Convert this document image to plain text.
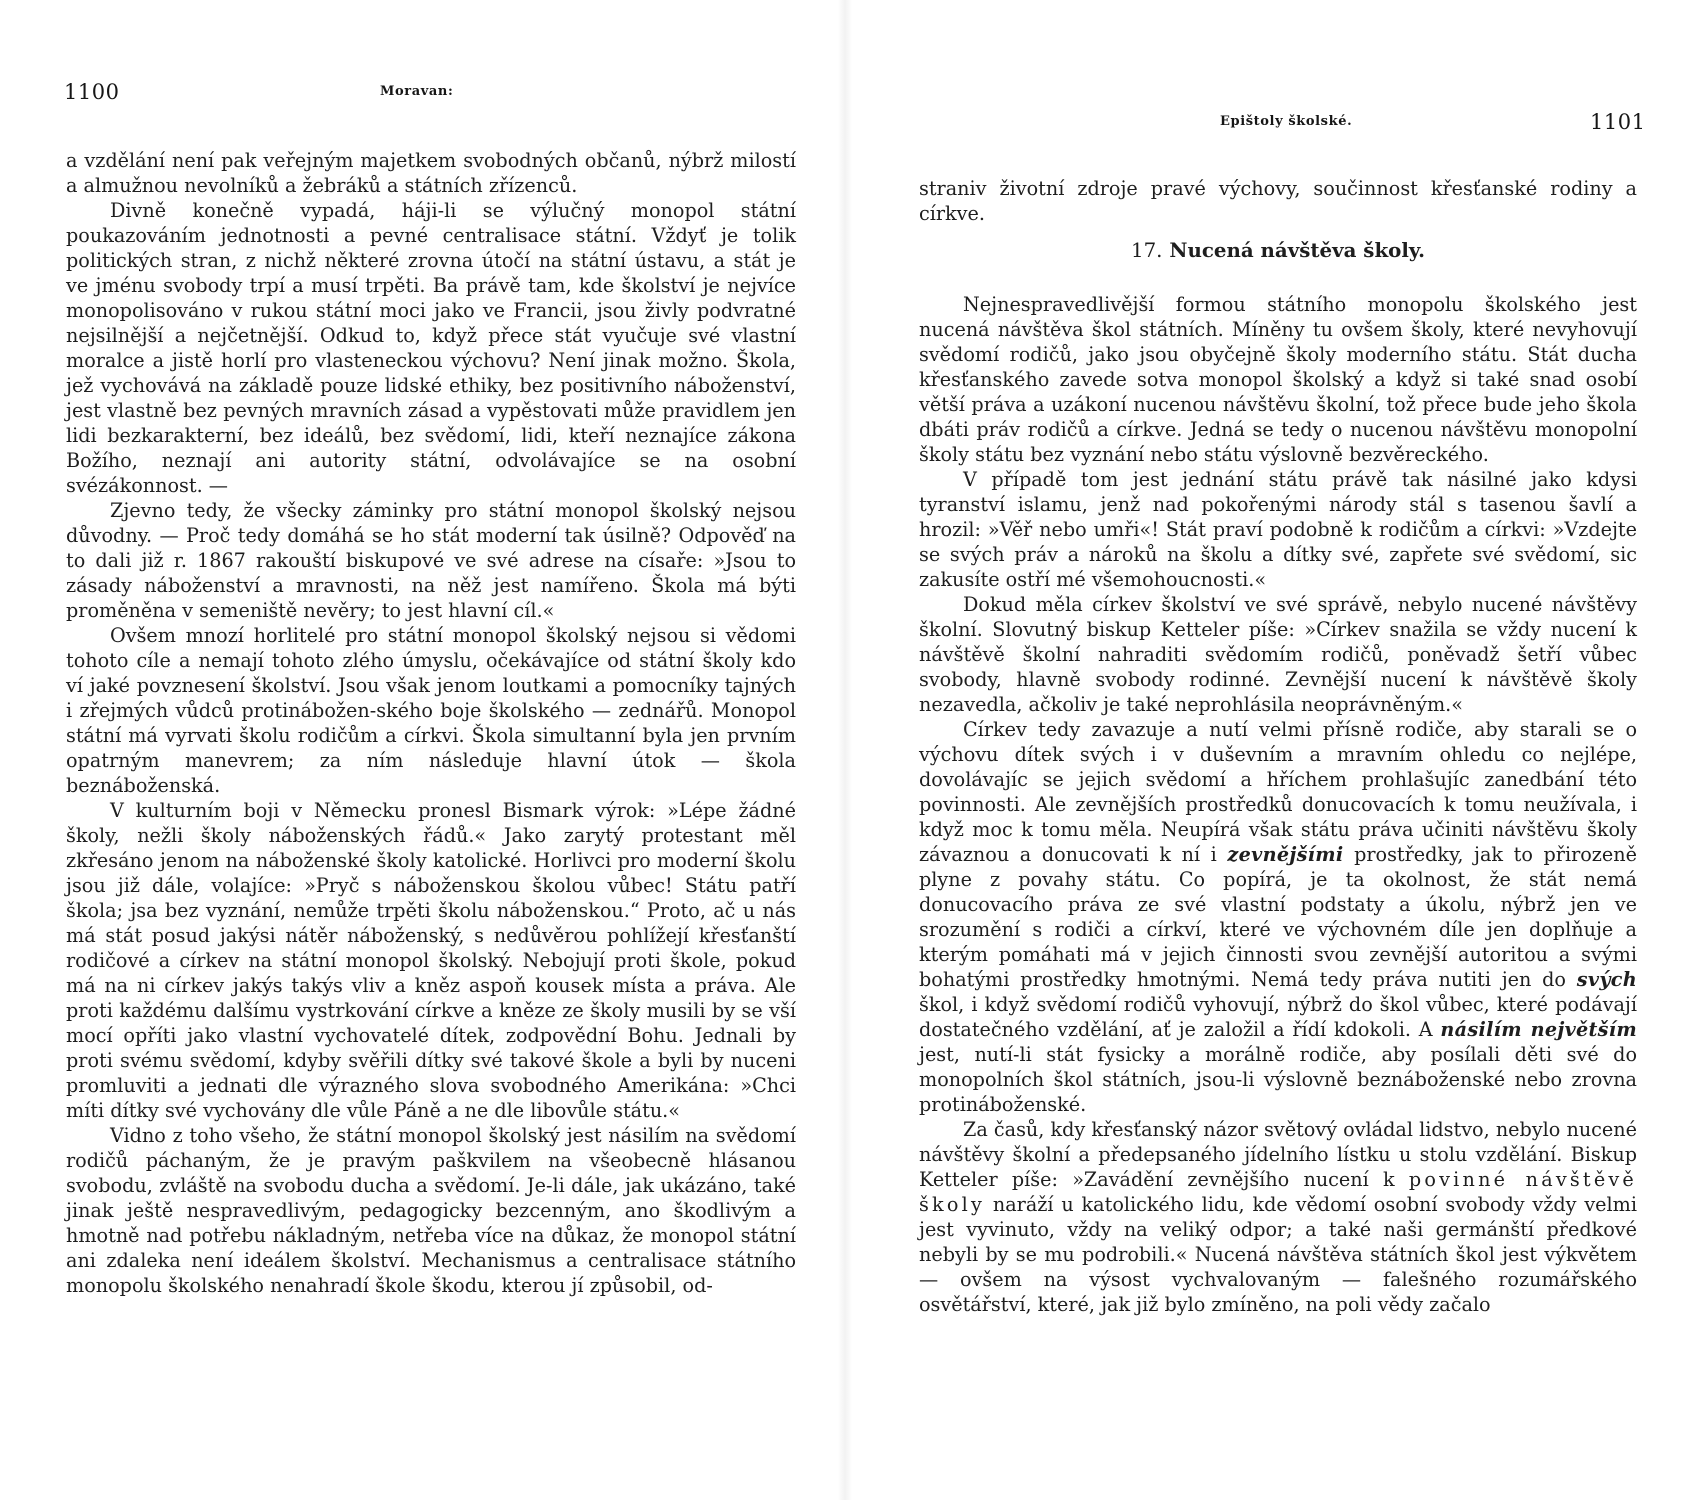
1100	Moravan:

a vzdělání není pak veřejným majetkem svobodných občanů, nýbrž milostí a almužnou nevolníků a žebráků a státních zřízenců.

Divně konečně vypadá, háji-li se výlučný monopol státní poukazováním jednotnosti a pevné centralisace státní. Vždyť je tolik politických stran, z nichž některé zrovna útočí na státní ústavu, a stát je ve jménu svobody trpí a musí trpěti. Ba právě tam, kde školství je nejvíce monopolisováno v rukou státní moci jako ve Francii, jsou živly podvratné nejsilnější a nejčetnější. Odkud to, když přece stát vyučuje své vlastní moralce a jistě horlí pro vlasteneckou výchovu? Není jinak možno. Škola, jež vychovává na základě pouze lidské ethiky, bez positivního náboženství, jest vlastně bez pevných mravních zásad a vypěstovati může pravidlem jen lidi bezkarakterní, bez ideálů, bez svědomí, lidi, kteří neznajíce zákona Božího, neznají ani autority státní, odvolávajíce se na osobní svézákonnost. —

Zjevno tedy, že všecky záminky pro státní monopol školský nejsou důvodny. — Proč tedy domáhá se ho stát moderní tak úsilně? Odpověď na to dali již r. 1867 rakouští biskupové ve své adrese na císaře: »Jsou to zásady náboženství a mravnosti, na něž jest namířeno. Škola má býti proměněna v semeniště nevěry; to jest hlavní cíl.«

Ovšem mnozí horlitelé pro státní monopol školský nejsou si vědomi tohoto cíle a nemají tohoto zlého úmyslu, očekávajíce od státní školy kdo ví jaké povznesení školství. Jsou však jenom loutkami a pomocníky tajných i zřejmých vůdců protinábožen-ského boje školského — zednářů. Monopol státní má vyrvati školu rodičům a církvi. Škola simultanní byla jen prvním opatrným manevrem; za ním následuje hlavní útok — škola beznáboženská.

V kulturním boji v Německu pronesl Bismark výrok: »Lépe žádné školy, nežli školy náboženských řádů.« Jako zarytý protestant měl zkřesáno jenom na náboženské školy katolické. Horlivci pro moderní školu jsou již dále, volajíce: »Pryč s náboženskou školou vůbec! Státu patří škola; jsa bez vyznání, nemůže trpěti školu náboženskou.“ Proto, ač u nás má stát posud jakýsi nátěr náboženský, s nedůvěrou pohlížejí křesťanští rodičové a církev na státní monopol školský. Nebojují proti škole, pokud má na ni církev jakýs takýs vliv a kněz aspoň kousek místa a práva. Ale proti každému dalšímu vystrkování církve a kněze ze školy musili by se vší mocí opříti jako vlastní vychovatelé dítek, zodpovědní Bohu. Jednali by proti svému svědomí, kdyby svěřili dítky své takové škole a byli by nuceni promluviti a jednati dle výrazného slova svobodného Amerikána: »Chci míti dítky své vychovány dle vůle Páně a ne dle libovůle státu.«

Vidno z toho všeho, že státní monopol školský jest násilím na svědomí rodičů páchaným, že je pravým paškvilem na všeobecně hlásanou svobodu, zvláště na svobodu ducha a svědomí. Je-li dále, jak ukázáno, také jinak ještě nespravedlivým, pedagogicky bezcenným, ano škodlivým a hmotně nad potřebu nákladným, netřeba více na důkaz, že monopol státní ani zdaleka není ideálem školství. Mechanismus a centralisace státního monopolu školského nenahradí škole škodu, kterou jí způsobil, od-

Epištoly školské.	1101

straniv životní zdroje pravé výchovy, součinnost křesťanské rodiny a církve.

17. Nucená návštěva školy.

Nejnespravedlivější formou státního monopolu školského jest nucená návštěva škol státních. Míněny tu ovšem školy, které nevyhovují svědomí rodičů, jako jsou obyčejně školy moderního státu. Stát ducha křesťanského zavede sotva monopol školský a když si také snad osobí větší práva a uzákoní nucenou návštěvu školní, tož přece bude jeho škola dbáti práv rodičů a církve. Jedná se tedy o nucenou návštěvu monopolní školy státu bez vyznání nebo státu výslovně bezvěreckého.

V případě tom jest jednání státu právě tak násilné jako kdysi tyranství islamu, jenž nad pokořenými národy stál s tasenou šavlí a hrozil: »Věř nebo umři«! Stát praví podobně k rodičům a církvi: »Vzdejte se svých práv a nároků na školu a dítky své, zapřete své svědomí, sic zakusíte ostří mé všemohoucnosti.«

Dokud měla církev školství ve své správě, nebylo nucené návštěvy školní. Slovutný biskup Ketteler píše: »Církev snažila se vždy nucení k návštěvě školní nahraditi svědomím rodičů, poněvadž šetří vůbec svobody, hlavně svobody rodinné. Zevnější nucení k návštěvě školy nezavedla, ačkoliv je také neprohlásila neoprávněným.«

Církev tedy zavazuje a nutí velmi přísně rodiče, aby starali se o výchovu dítek svých i v duševním a mravním ohledu co nejlépe, dovolávajíc se jejich svědomí a hříchem prohlašujíc zanedbání této povinnosti. Ale zevnějších prostředků donucovacích k tomu neužívala, i když moc k tomu měla. Neupírá však státu práva učiniti návštěvu školy závaznou a donucovati k ní i zevnějšími prostředky, jak to přirozeně plyne z povahy státu. Co popírá, je ta okolnost, že stát nemá donucovacího práva ze své vlastní podstaty a úkolu, nýbrž jen ve srozumění s rodiči a církví, které ve výchovném díle jen doplňuje a kterým pomáhati má v jejich činnosti svou zevnější autoritou a svými bohatými prostředky hmotnými. Nemá tedy práva nutiti jen do svých škol, i když svědomí rodičů vyhovují, nýbrž do škol vůbec, které podávají dostatečného vzdělání, ať je založil a řídí kdokoli. A násilím největším jest, nutí-li stát fysicky a morálně rodiče, aby posílali děti své do monopolních škol státních, jsou-li výslovně beznáboženské nebo zrovna protináboženské.

Za časů, kdy křesťanský názor světový ovládal lidstvo, nebylo nucené návštěvy školní a předepsaného jídelního lístku u stolu vzdělání. Biskup Ketteler píše: »Zavádění zevnějšího nucení k povinné návštěvě školy naráží u katolického lidu, kde vědomí osobní svobody vždy velmi jest vyvinuto, vždy na veliký odpor; a také naši germánští předkové nebyli by se mu podrobili.« Nucená návštěva státních škol jest výkvětem — ovšem na výsost vychvalovaným — falešného rozumářského osvětářství, které, jak již bylo zmíněno, na poli vědy začalo
